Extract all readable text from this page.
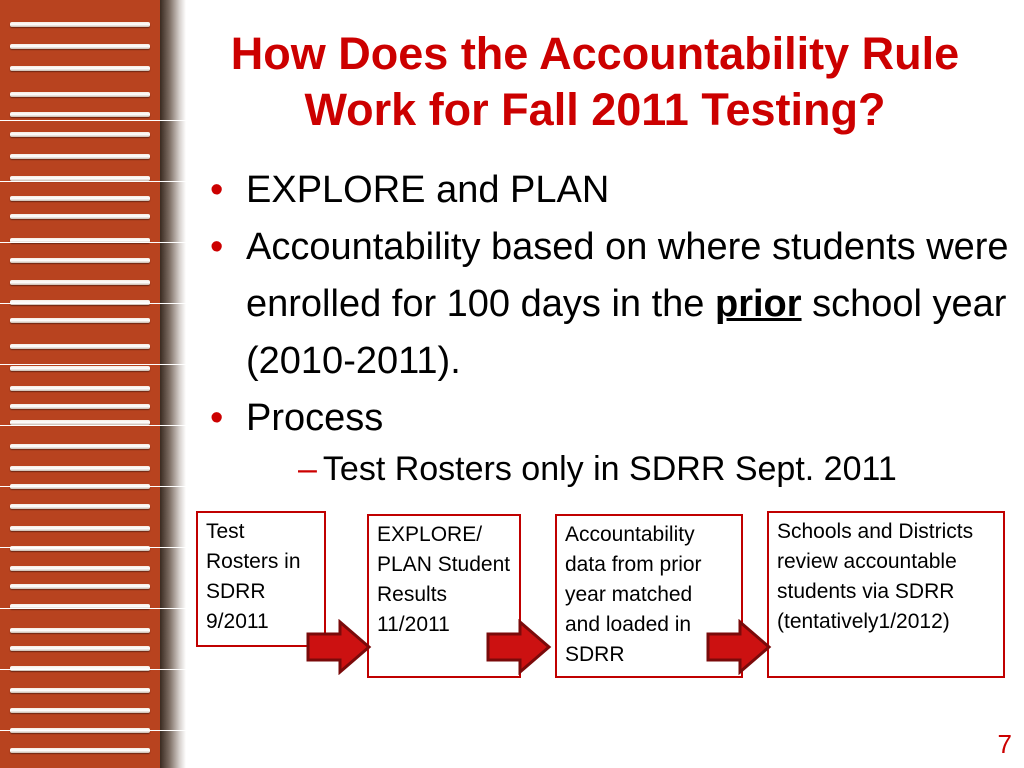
How Does the Accountability Rule
Work for Fall 2011 Testing?
• EXPLORE and PLAN
• Accountability based on where students were enrolled for 100 days in the prior school year (2010-2011).
• Process
– Test Rosters only in SDRR Sept. 2011
Test Rosters in SDRR 9/2011
EXPLORE/ PLAN Student Results 11/2011
Accountability data from prior year matched and loaded in SDRR
Schools and Districts review accountable students via SDRR (tentatively1/2012)
7
